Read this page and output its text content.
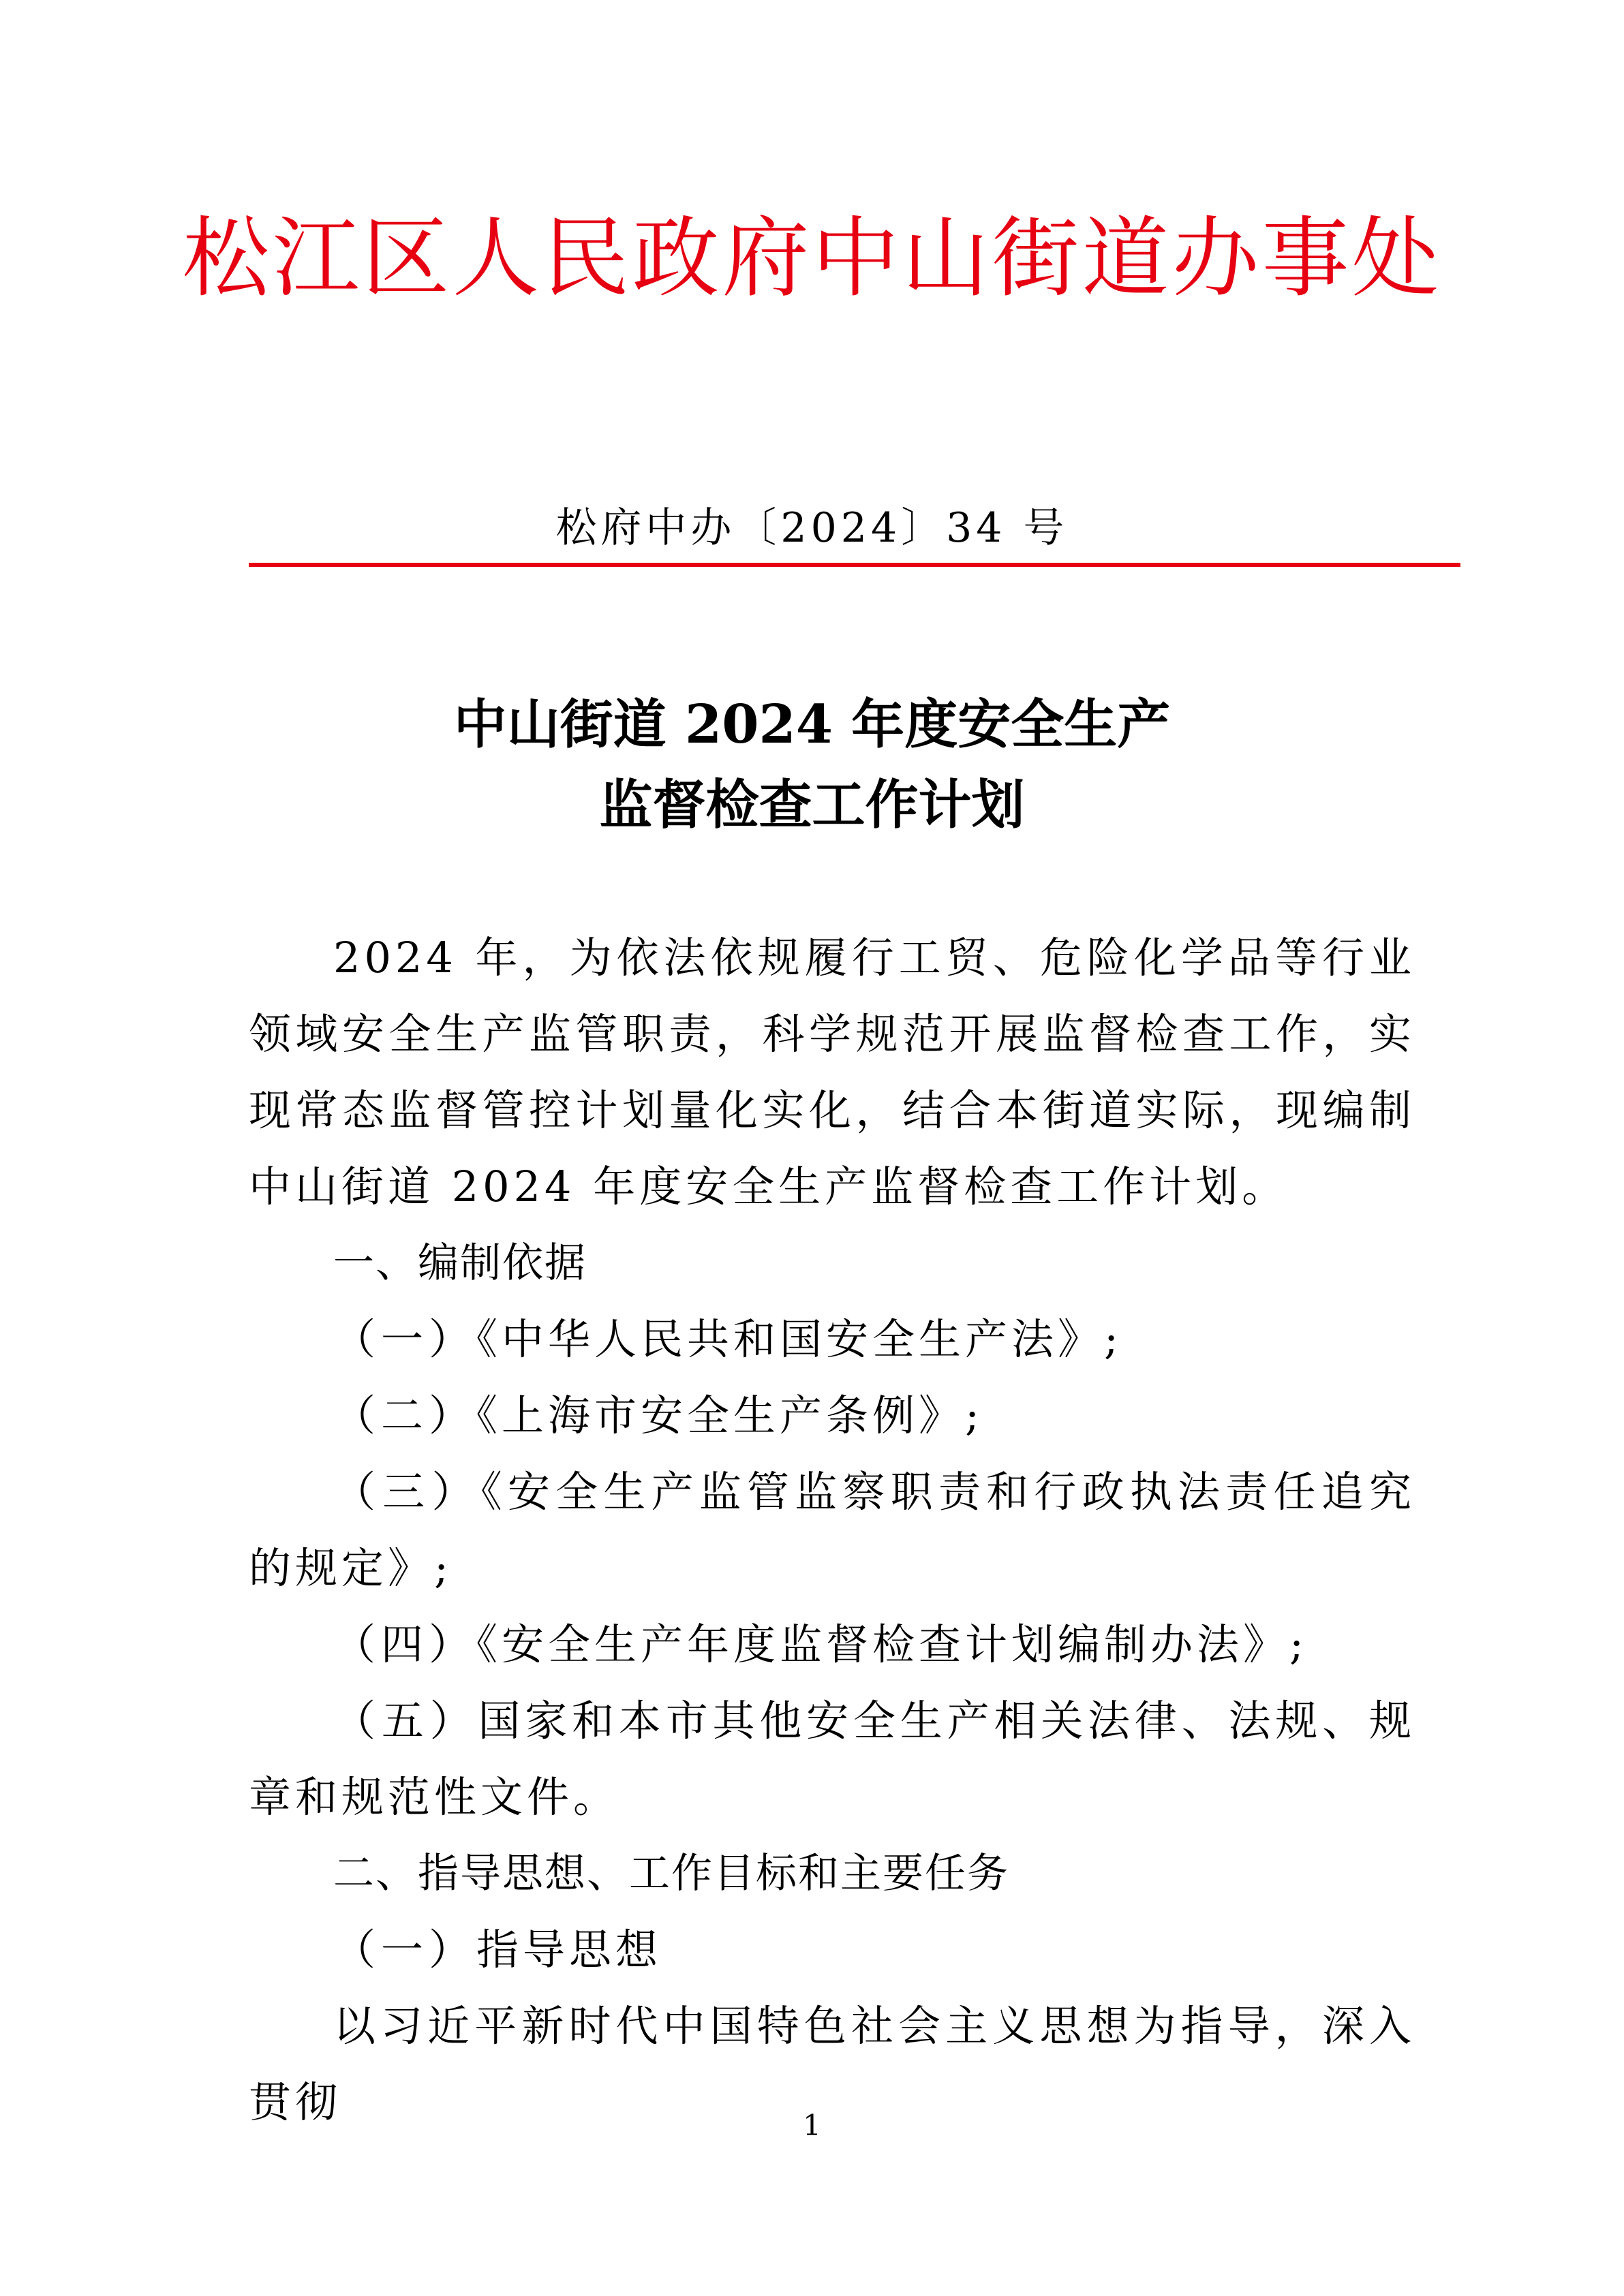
松江区人民政府中山街道办事处
松府中办〔2024〕34 号
中山街道 2024 年度安全生产
监督检查工作计划

2024 年，为依法依规履行工贸、危险化学品等行业领域安全生产监管职责，科学规范开展监督检查工作，实现常态监督管控计划量化实化，结合本街道实际，现编制中山街道 2024 年度安全生产监督检查工作计划。

一、编制依据

（一）《中华人民共和国安全生产法》;

（二）《上海市安全生产条例》;

（三）《安全生产监管监察职责和行政执法责任追究的规定》;

（四）《安全生产年度监督检查计划编制办法》;

（五）国家和本市其他安全生产相关法律、法规、规章和规范性文件。

二、指导思想、工作目标和主要任务

（一）指导思想

以习近平新时代中国特色社会主义思想为指导，深入贯彻	1
